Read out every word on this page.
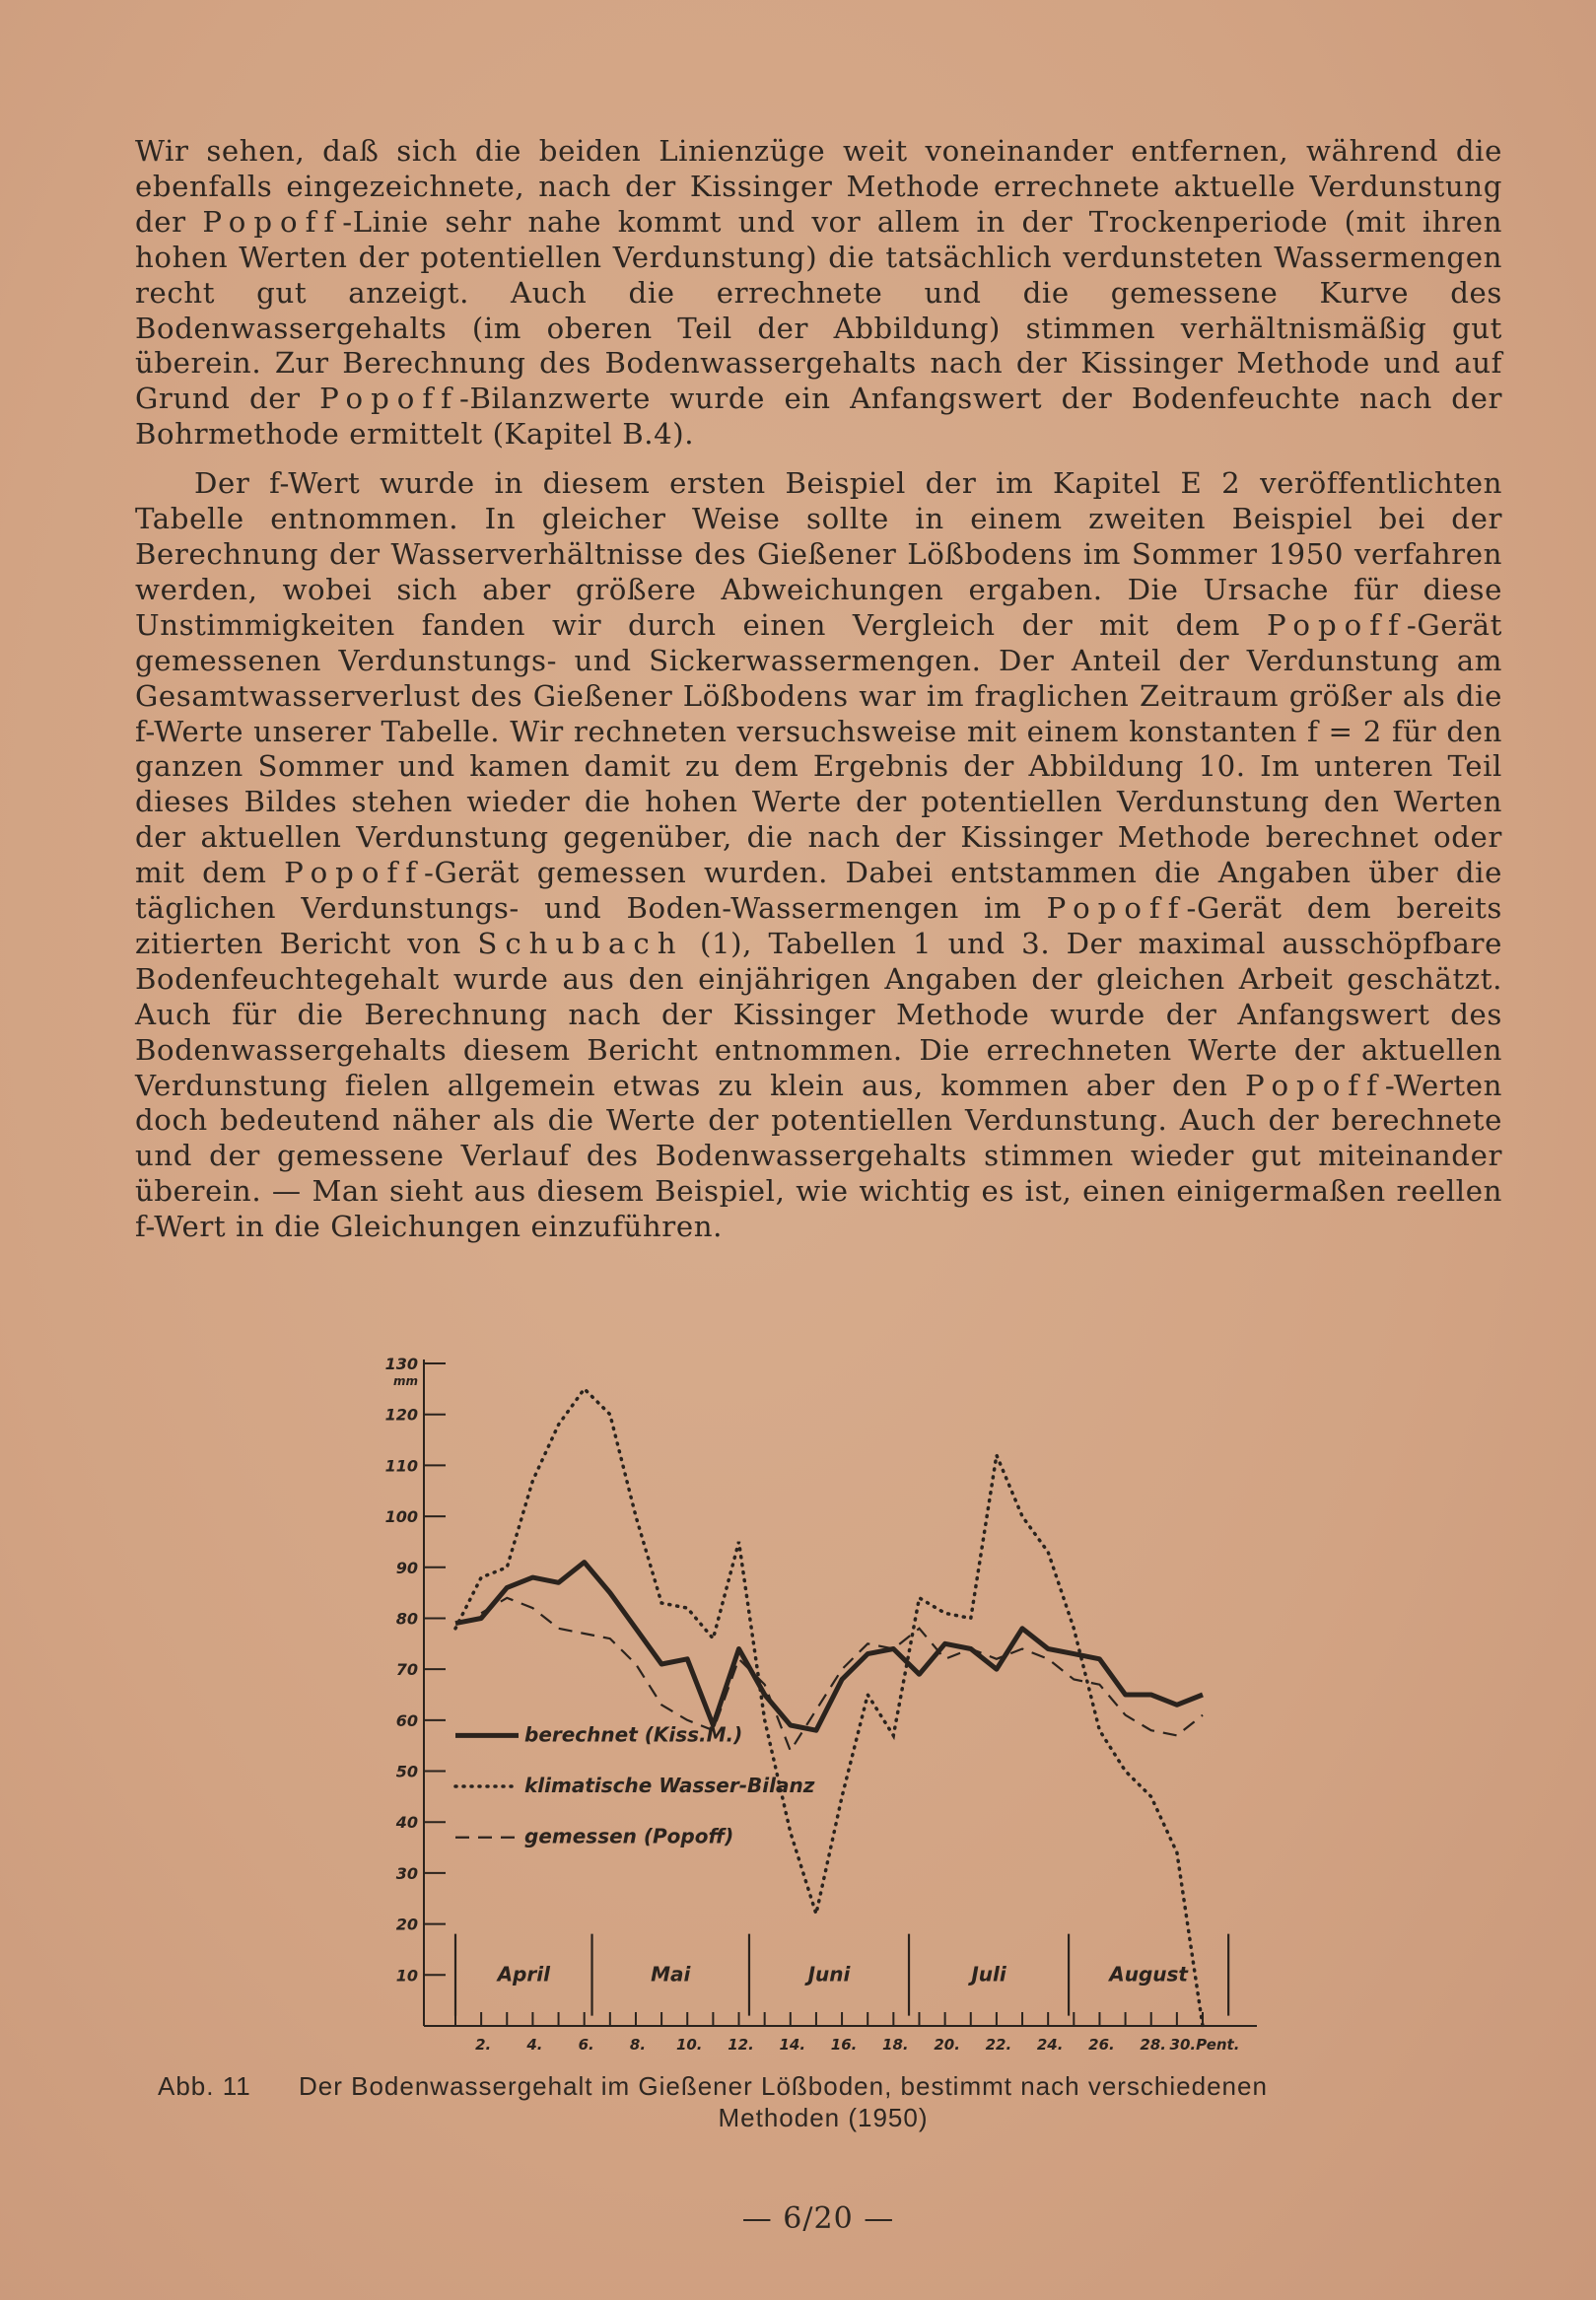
Wir sehen, daß sich die beiden Linienzüge weit voneinander entfernen, während die ebenfalls eingezeichnete, nach der Kissinger Methode errechnete aktuelle Verdunstung der Popoff-Linie sehr nahe kommt und vor allem in der Trockenperiode (mit ihren hohen Werten der potentiellen Verdunstung) die tatsächlich verdunsteten Wassermengen recht gut anzeigt. Auch die errechnete und die gemessene Kurve des Bodenwassergehalts (im oberen Teil der Abbildung) stimmen verhältnismäßig gut überein. Zur Berechnung des Bodenwassergehalts nach der Kissinger Methode und auf Grund der Popoff-Bilanzwerte wurde ein Anfangswert der Bodenfeuchte nach der Bohrmethode ermittelt (Kapitel B.4).

Der f-Wert wurde in diesem ersten Beispiel der im Kapitel E 2 veröffentlichten Tabelle entnommen. In gleicher Weise sollte in einem zweiten Beispiel bei der Berechnung der Wasserverhältnisse des Gießener Lößbodens im Sommer 1950 verfahren werden, wobei sich aber größere Abweichungen ergaben. Die Ursache für diese Unstimmigkeiten fanden wir durch einen Vergleich der mit dem Popoff-Gerät gemessenen Verdunstungs- und Sickerwassermengen. Der Anteil der Verdunstung am Gesamtwasserverlust des Gießener Lößbodens war im fraglichen Zeitraum größer als die f-Werte unserer Tabelle. Wir rechneten versuchsweise mit einem konstanten f = 2 für den ganzen Sommer und kamen damit zu dem Ergebnis der Abbildung 10. Im unteren Teil dieses Bildes stehen wieder die hohen Werte der potentiellen Verdunstung den Werten der aktuellen Verdunstung gegenüber, die nach der Kissinger Methode berechnet oder mit dem Popoff-Gerät gemessen wurden. Dabei entstammen die Angaben über die täglichen Verdunstungs- und Boden-Wassermengen im Popoff-Gerät dem bereits zitierten Bericht von Schubach (1), Tabellen 1 und 3. Der maximal ausschöpfbare Bodenfeuchtegehalt wurde aus den einjährigen Angaben der gleichen Arbeit geschätzt. Auch für die Berechnung nach der Kissinger Methode wurde der Anfangswert des Bodenwassergehalts diesem Bericht entnommen. Die errechneten Werte der aktuellen Verdunstung fielen allgemein etwas zu klein aus, kommen aber den Popoff-Werten doch bedeutend näher als die Werte der potentiellen Verdunstung. Auch der berechnete und der gemessene Verlauf des Bodenwassergehalts stimmen wieder gut miteinander überein. — Man sieht aus diesem Beispiel, wie wichtig es ist, einen einigermaßen reellen f-Wert in die Gleichungen einzuführen.

10
20
30
40
50
60
70
80
90
100
110
120
130
mm
2. 4. 6. 8. 10. 12. 14. 16. 18. 20. 22. 24. 26. 28. 30.Pent.
April	Mai	Juni	Juli	August
berechnet (Kiss.M.)
klimatische Wasser-Bilanz
gemessen (Popoff)
Abb. 11	Der Bodenwassergehalt im Gießener Lößboden, bestimmt nach verschiedenen
Methoden (1950)
— 6/20 —
